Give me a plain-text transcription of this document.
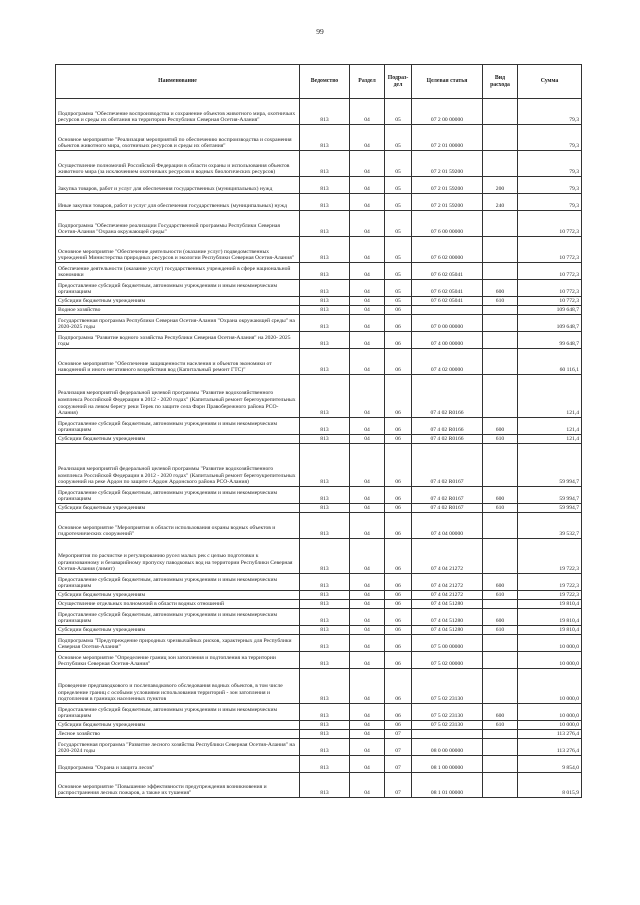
99
Наименование	Ведомство	Раздел	Подраз-дел	Целевая статья	Вид расхода	Сумма
Подпрограмма "Обеспечение воспроизводства и сохранение объектов животного мира, охотничьих ресурсов и среды их обитания на территории Республики Северная Осетия-Алания"	813	04	05	07 2 00 00000		79,3
Основное мероприятие "Реализация мероприятий по обеспечению воспроизводства и сохранения объектов животного мира, охотничьих ресурсов и среды их обитания"	813	04	05	07 2 01 00000		79,3
Осуществление полномочий Российской Федерации в области охраны и использования объектов животного мира (за исключением охотничьих ресурсов и водных биологических ресурсов)	813	04	05	07 2 01 59200		79,3
Закупка товаров, работ и услуг для обеспечения государственных (муниципальных) нужд	813	04	05	07 2 01 59200	200	79,3
Иные закупки товаров, работ и услуг для обеспечения государственных (муниципальных) нужд	813	04	05	07 2 01 59200	240	79,3
Подпрограмма "Обеспечение реализации Государственной программы Республики Северная Осетия-Алания "Охрана окружающей среды"	813	04	05	07 6 00 00000		10 772,3
Основное мероприятие "Обеспечение деятельности (оказание услуг) подведомственных учреждений Министерства природных ресурсов и экологии Республики Северная Осетия-Алания"	813	04	05	07 6 02 00000		10 772,3
Обеспечение деятельности (оказание услуг) государственных учреждений в сфере национальной экономики	813	04	05	07 6 02 05041		10 772,3
Предоставление субсидий бюджетным, автономным учреждениям и иным некоммерческим организациям	813	04	05	07 6 02 05041	600	10 772,3
Субсидии бюджетным учреждениям	813	04	05	07 6 02 05041	610	10 772,3
Водное хозяйство	813	04	06			109 648,7
Государственная программа Республики Северная Осетия-Алания "Охрана окружающей среды" на 2020-2025 годы	813	04	06	07 0 00 00000		109 648,7
Подпрограмма "Развитие водного хозяйства Республики Северная Осетия-Алания" на 2020- 2025 годы	813	04	06	07 4 00 00000		99 648,7
Основное мероприятие "Обеспечение защищенности населения и объектов экономики от наводнений и иного негативного воздействия вод (Капитальный ремонт ГТС)"	813	04	06	07 4 02 00000		60 116,1
Реализация мероприятий федеральной целевой программы "Развитие водохозяйственного комплекса Российской Федерации в 2012 - 2020 годах" (Капитальный ремонт берегоукрепительных сооружений на левом берегу реки Терек по защите села Фарн Правобережного района РСО-Алания)	813	04	06	07 4 02 R0166		121,4
Предоставление субсидий бюджетным, автономным учреждениям и иным некоммерческим организациям	813	04	06	07 4 02 R0166	600	121,4
Субсидии бюджетным учреждениям	813	04	06	07 4 02 R0166	610	121,4
Реализация мероприятий федеральной целевой программы "Развитие водохозяйственного комплекса Российской Федерации в 2012 - 2020 годах" (Капитальный ремонт берегоукрепительных сооружений на реке Ардон по защите г.Ардон Ардонского района РСО-Алания)	813	04	06	07 4 02 R0167		59 994,7
Предоставление субсидий бюджетным, автономным учреждениям и иным некоммерческим организациям	813	04	06	07 4 02 R0167	600	59 994,7
Субсидии бюджетным учреждениям	813	04	06	07 4 02 R0167	610	59 994,7
Основное мероприятие "Мероприятия в области использования охраны водных объектов и гидротехнических сооружений"	813	04	06	07 4 04 00000		39 532,7
Мероприятия по расчистке и регулированию русел малых рек с целью подготовки к организованному и безаварийному пропуску паводковых вод на территории Республики Северная Осетия-Алания (лимит)	813	04	06	07 4 04 21272		19 722,3
Предоставление субсидий бюджетным, автономным учреждениям и иным некоммерческим организациям	813	04	06	07 4 04 21272	600	19 722,3
Субсидии бюджетным учреждениям	813	04	06	07 4 04 21272	610	19 722,3
Осуществление отдельных полномочий в области водных отношений	813	04	06	07 4 04 51280		19 810,4
Предоставление субсидий бюджетным, автономным учреждениям и иным некоммерческим организациям	813	04	06	07 4 04 51280	600	19 810,4
Субсидии бюджетным учреждениям	813	04	06	07 4 04 51280	610	19 810,4
Подпрограмма "Предупреждение природных чрезвычайных рисков, характерных для Республики Северная Осетия-Алания"	813	04	06	07 5 00 00000		10 000,0
Основное мероприятие "Определение границ зон затопления и подтопления на территории Республики Северная Осетия-Алания"	813	04	06	07 5 02 00000		10 000,0
Проведение предпаводкового и послепаводкового обследования водных объектов, в том числе определение границ с особыми условиями использования территорий - зон затопления и подтопления в границах населенных пунктов	813	04	06	07 5 02 23130		10 000,0
Предоставление субсидий бюджетным, автономным учреждениям и иным некоммерческим организациям	813	04	06	07 5 02 23130	600	10 000,0
Субсидии бюджетным учреждениям	813	04	06	07 5 02 23130	610	10 000,0
Лесное хозяйство	813	04	07			113 276,4
Государственная программа "Развитие лесного хозяйства Республики Северная Осетия-Алания" на 2020-2024 годы	813	04	07	08 0 00 00000		113 276,4
Подпрограмма "Охрана и защита лесов"	813	04	07	08 1 00 00000		9 854,0
Основное мероприятие "Повышение эффективности предупреждения возникновения и распространения лесных пожаров, а также их тушения"	813	04	07	08 1 01 00000		8 015,9
